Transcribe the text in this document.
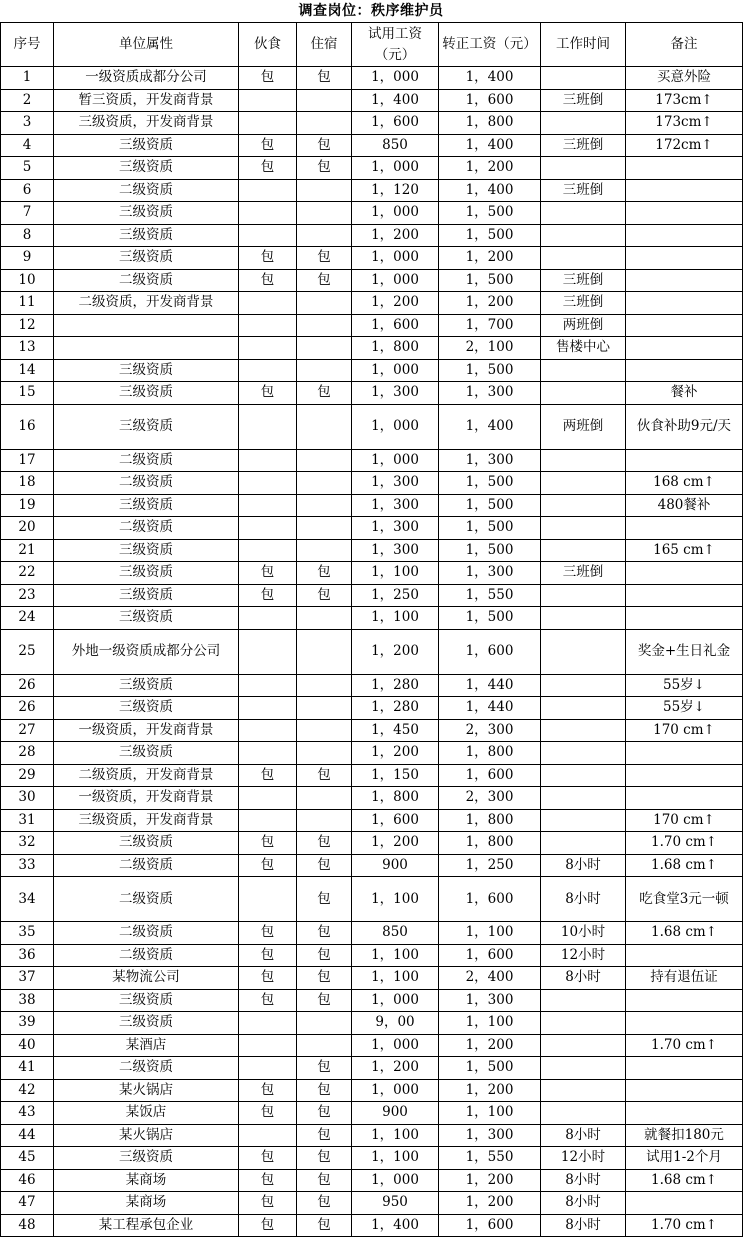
调查岗位：秩序维护员
序号	单位属性	伙食	住宿	试用工资（元）	转正工资（元）	工作时间	备注
1	一级资质成都分公司	包	包	1，000	1，400		买意外险
2	暂三资质，开发商背景			1，400	1，600	三班倒	173cm↑
3	三级资质，开发商背景			1，600	1，800		173cm↑
4	三级资质	包	包	850	1，400	三班倒	172cm↑
5	三级资质	包	包	1，000	1，200		
6	二级资质			1，120	1，400	三班倒	
7	三级资质			1，000	1，500		
8	三级资质			1，200	1，500		
9	三级资质	包	包	1，000	1，200		
10	二级资质	包	包	1，000	1，500	三班倒	
11	二级资质，开发商背景			1，200	1，200	三班倒	
12				1，600	1，700	两班倒	
13				1，800	2，100	售楼中心	
14	三级资质			1，000	1，500		
15	三级资质	包	包	1，300	1，300		餐补
16	三级资质			1，000	1，400	两班倒	伙食补助9元/天
17	二级资质			1，000	1，300		
18	二级资质			1，300	1，500		168 cm↑
19	三级资质			1，300	1，500		480餐补
20	二级资质			1，300	1，500		
21	三级资质			1，300	1，500		165 cm↑
22	三级资质	包	包	1，100	1，300	三班倒	
23	三级资质	包	包	1，250	1，550		
24	三级资质			1，100	1，500		
25	外地一级资质成都分公司			1，200	1，600		奖金+生日礼金
26	三级资质			1，280	1，440		55岁↓
26	三级资质			1，280	1，440		55岁↓
27	一级资质，开发商背景			1，450	2，300		170 cm↑
28	三级资质			1，200	1，800		
29	二级资质，开发商背景	包	包	1，150	1，600		
30	一级资质，开发商背景			1，800	2，300		
31	三级资质，开发商背景			1，600	1，800		170 cm↑
32	三级资质	包	包	1，200	1，800		1.70 cm↑
33	二级资质	包	包	900	1，250	8小时	1.68 cm↑
34	二级资质		包	1，100	1，600	8小时	吃食堂3元一顿
35	二级资质	包	包	850	1，100	10小时	1.68 cm↑
36	二级资质	包	包	1，100	1，600	12小时	
37	某物流公司	包	包	1，100	2，400	8小时	持有退伍证
38	三级资质	包	包	1，000	1，300		
39	三级资质			9，00	1，100		
40	某酒店			1，000	1，200		1.70 cm↑
41	二级资质		包	1，200	1，500		
42	某火锅店	包	包	1，000	1，200		
43	某饭店	包	包	900	1，100		
44	某火锅店		包	1，100	1，300	8小时	就餐扣180元
45	三级资质	包	包	1，100	1，550	12小时	试用1-2个月
46	某商场	包	包	1，000	1，200	8小时	1.68 cm↑
47	某商场	包	包	950	1，200	8小时	
48	某工程承包企业	包	包	1，400	1，600	8小时	1.70 cm↑
